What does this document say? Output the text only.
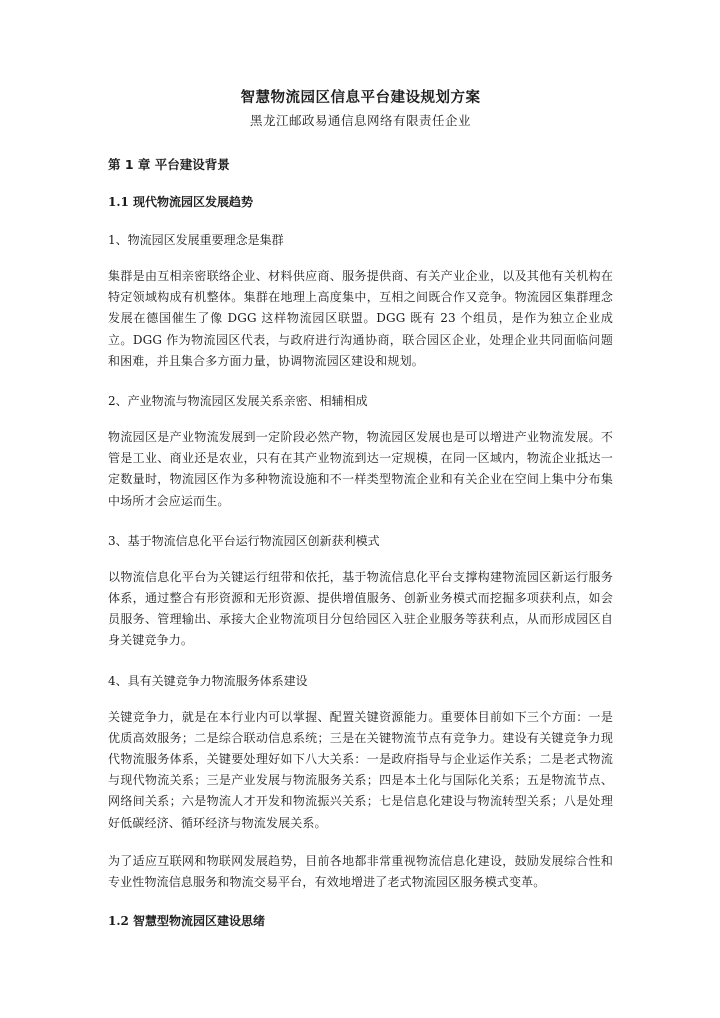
智慧物流园区信息平台建设规划方案

黑龙江邮政易通信息网络有限责任企业

第 1 章 平台建设背景
1.1 现代物流园区发展趋势

1、物流园区发展重要理念是集群

集群是由互相亲密联络企业、材料供应商、服务提供商、有关产业企业，以及其他有关机构在特定领域构成有机整体。集群在地理上高度集中，互相之间既合作又竞争。物流园区集群理念发展在德国催生了像 DGG 这样物流园区联盟。DGG 既有 23 个组员，是作为独立企业成立。DGG 作为物流园区代表，与政府进行沟通协商，联合园区企业，处理企业共同面临问题和困难，并且集合多方面力量，协调物流园区建设和规划。

2、产业物流与物流园区发展关系亲密、相辅相成

物流园区是产业物流发展到一定阶段必然产物，物流园区发展也是可以增进产业物流发展。不管是工业、商业还是农业，只有在其产业物流到达一定规模，在同一区域内，物流企业抵达一定数量时，物流园区作为多种物流设施和不一样类型物流企业和有关企业在空间上集中分布集中场所才会应运而生。

3、基于物流信息化平台运行物流园区创新获利模式

以物流信息化平台为关键运行纽带和依托，基于物流信息化平台支撑构建物流园区新运行服务体系，通过整合有形资源和无形资源、提供增值服务、创新业务模式而挖掘多项获利点，如会员服务、管理输出、承接大企业物流项目分包给园区入驻企业服务等获利点，从而形成园区自身关键竞争力。

4、具有关键竞争力物流服务体系建设

关键竞争力，就是在本行业内可以掌握、配置关键资源能力。重要体目前如下三个方面：一是优质高效服务；二是综合联动信息系统；三是在关键物流节点有竞争力。建设有关键竞争力现代物流服务体系，关键要处理好如下八大关系：一是政府指导与企业运作关系；二是老式物流与现代物流关系；三是产业发展与物流服务关系；四是本土化与国际化关系；五是物流节点、网络间关系；六是物流人才开发和物流振兴关系；七是信息化建设与物流转型关系；八是处理好低碳经济、循环经济与物流发展关系。

为了适应互联网和物联网发展趋势，目前各地都非常重视物流信息化建设，鼓励发展综合性和专业性物流信息服务和物流交易平台，有效地增进了老式物流园区服务模式变革。

1.2 智慧型物流园区建设思绪
